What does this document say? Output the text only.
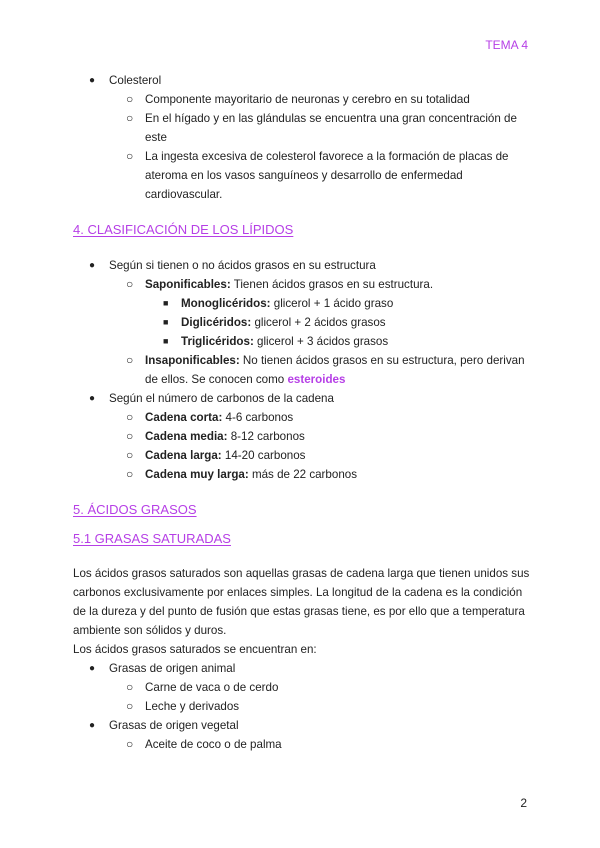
TEMA 4
● Colesterol
○ Componente mayoritario de neuronas y cerebro en su totalidad
○ En el hígado y en las glándulas se encuentra una gran concentración de este
○ La ingesta excesiva de colesterol favorece a la formación de placas de ateroma en los vasos sanguíneos y desarrollo de enfermedad cardiovascular.
4. CLASIFICACIÓN DE LOS LÍPIDOS
● Según si tienen o no ácidos grasos en su estructura
○ Saponificables: Tienen ácidos grasos en su estructura.
■ Monoglicéridos: glicerol + 1 ácido graso
■ Diglicéridos: glicerol + 2 ácidos grasos
■ Triglicéridos: glicerol + 3 ácidos grasos
○ Insaponificables: No tienen ácidos grasos en su estructura, pero derivan de ellos. Se conocen como esteroides
● Según el número de carbonos de la cadena
○ Cadena corta: 4-6 carbonos
○ Cadena media: 8-12 carbonos
○ Cadena larga: 14-20 carbonos
○ Cadena muy larga: más de 22 carbonos
5. ÁCIDOS GRASOS
5.1 GRASAS SATURADAS

Los ácidos grasos saturados son aquellas grasas de cadena larga que tienen unidos sus carbonos exclusivamente por enlaces simples. La longitud de la cadena es la condición de la dureza y del punto de fusión que estas grasas tiene, es por ello que a temperatura ambiente son sólidos y duros.

Los ácidos grasos saturados se encuentran en:

● Grasas de origen animal
○ Carne de vaca o de cerdo
○ Leche y derivados
● Grasas de origen vegetal
○ Aceite de coco o de palma
2
